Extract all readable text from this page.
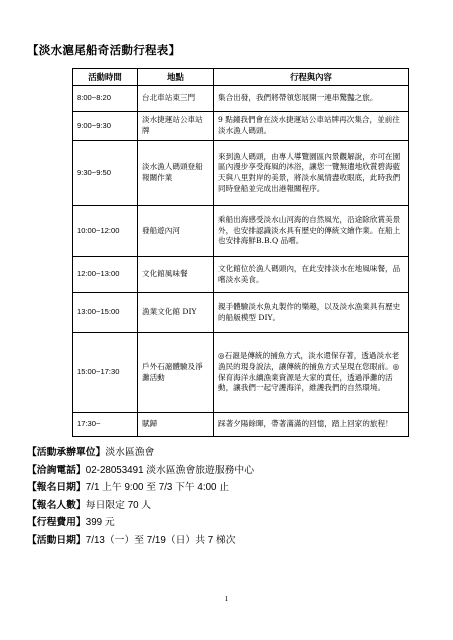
【淡水滬尾船奇活動行程表】
活動時間	地點	行程與內容
8:00~8:20	台北車站東三門	集合出發，我們將帶領您展開一連串驚豔之旅。
9:00~9:30	淡水捷運站公車站牌	9 點鐘我們會在淡水捷運站公車站牌再次集合，並前往淡水漁人碼頭。
9:30~9:50	淡水漁人碼頭登船報關作業	來到漁人碼頭，由專人導覽園區內景觀解說，亦可在園區內漫步享受海風的沐浴，讓您一覽無遺地欣賞碧海藍天與八里對岸的美景，將淡水風情盡收眼底，此時我們同時登船並完成出港報關程序。
10:00~12:00	發船遊內河	乘船出海感受淡水山河海的自然風光，沿途除欣賞美景外，也安排認識淡水具有歷史的傳統文繪作業。在船上也安排海鮮B.B.Q 品嚐。
12:00~13:00	文化館風味餐	文化館位於漁人碼頭內，在此安排淡水在地風味餐，品嚐淡水美食。
13:00~15:00	漁業文化館 DIY	親手體驗淡水魚丸製作的樂趣，以及淡水漁業具有歷史的船舨模型 DIY。
15:00~17:30	戶外石滬體驗及淨灘活動	◎石滬是傳統的捕魚方式，淡水還保存著，透過淡水老漁民的現身說法，讓傳統的捕魚方式呈現在您眼前。◎保育海洋永續漁業資源是大家的責任，透過淨灘的活動，讓我們一起守護海洋，維護我們的自然環境。
17:30~	賦歸	踩著夕陽餘暉，帶著滿滿的回憶，踏上回家的旅程！
【活動承辦單位】淡水區漁會
【洽詢電話】02-28053491 淡水區漁會旅遊服務中心
【報名日期】7/1 上午 9:00 至 7/3 下午 4:00 止
【報名人數】每日限定 70 人
【行程費用】399 元
【活動日期】7/13（一）至 7/19（日）共 7 梯次
1
